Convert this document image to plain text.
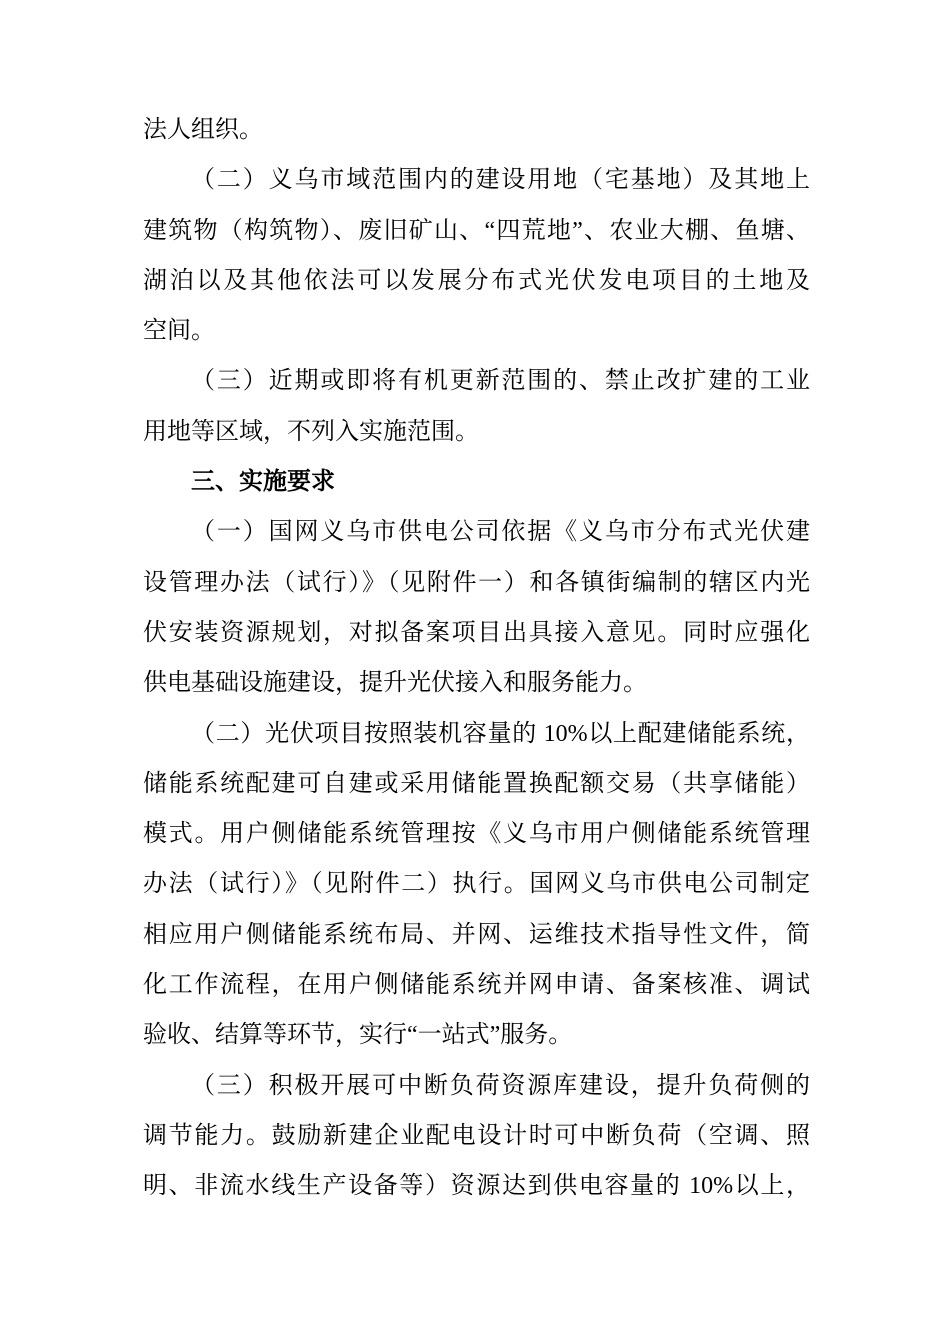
法人组织。
（二）义乌市域范围内的建设用地（宅基地）及其地上
建筑物（构筑物）、废旧矿山、“四荒地”、农业大棚、鱼塘、
湖泊以及其他依法可以发展分布式光伏发电项目的土地及
空间。
（三）近期或即将有机更新范围的、禁止改扩建的工业
用地等区域，不列入实施范围。
三、实施要求
（一）国网义乌市供电公司依据《义乌市分布式光伏建
设管理办法（试行）》（见附件一）和各镇街编制的辖区内光
伏安装资源规划，对拟备案项目出具接入意见。同时应强化
供电基础设施建设，提升光伏接入和服务能力。
（二）光伏项目按照装机容量的 10%以上配建储能系统，
储能系统配建可自建或采用储能置换配额交易（共享储能）
模式。用户侧储能系统管理按《义乌市用户侧储能系统管理
办法（试行）》（见附件二）执行。国网义乌市供电公司制定
相应用户侧储能系统布局、并网、运维技术指导性文件，简
化工作流程，在用户侧储能系统并网申请、备案核准、调试
验收、结算等环节，实行“一站式”服务。
（三）积极开展可中断负荷资源库建设，提升负荷侧的
调节能力。鼓励新建企业配电设计时可中断负荷（空调、照
明、非流水线生产设备等）资源达到供电容量的 10%以上，
